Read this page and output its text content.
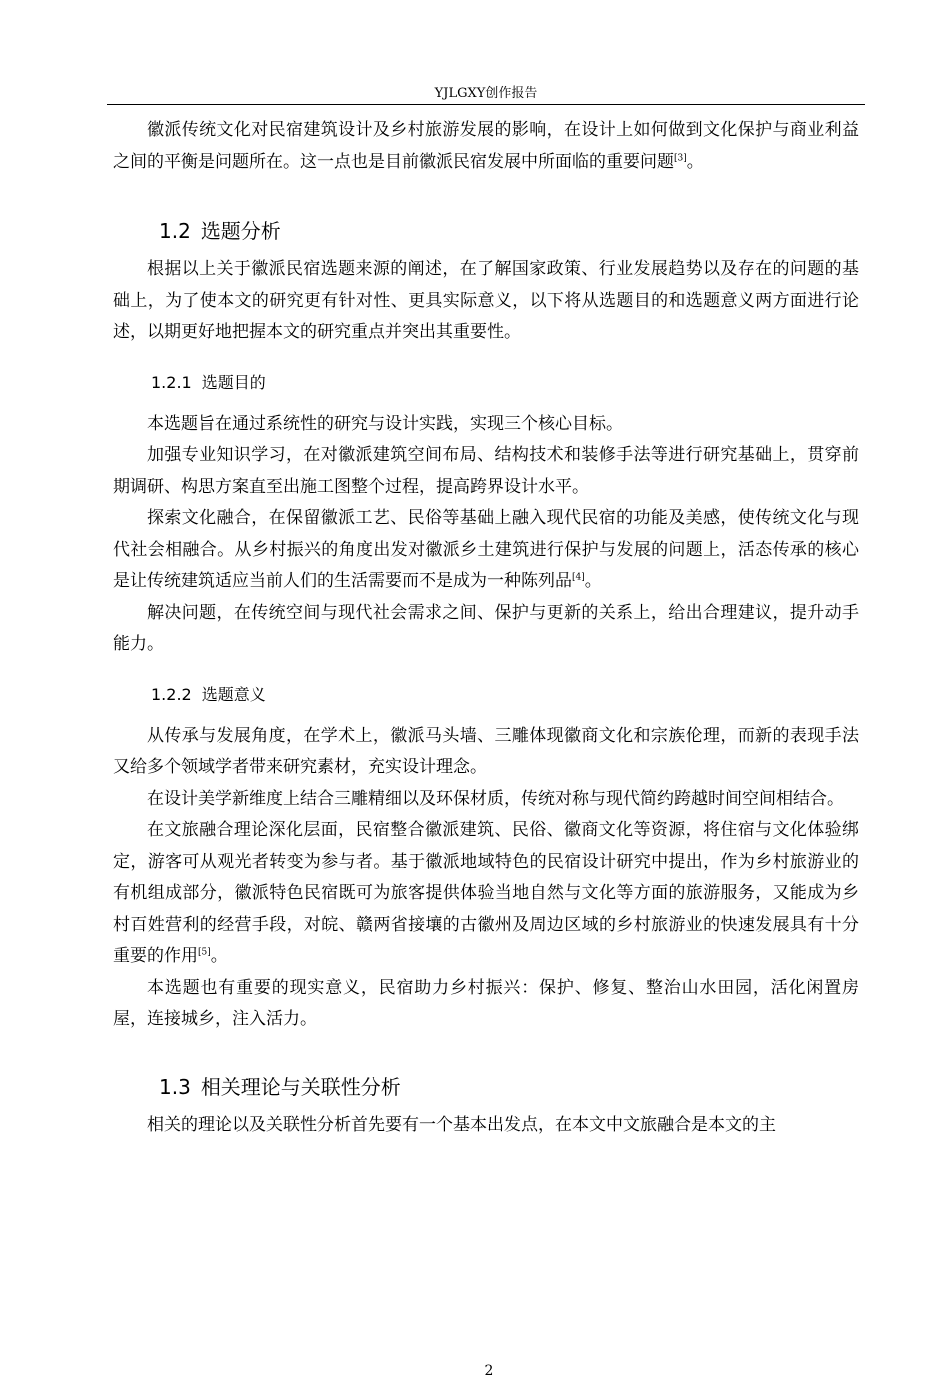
YJLGXY创作报告

徽派传统文化对民宿建筑设计及乡村旅游发展的影响，在设计上如何做到文化保护与商业利益之间的平衡是问题所在。这一点也是目前徽派民宿发展中所面临的重要问题[3]。

1.2 选题分析

根据以上关于徽派民宿选题来源的阐述，在了解国家政策、行业发展趋势以及存在的问题的基础上，为了使本文的研究更有针对性、更具实际意义，以下将从选题目的和选题意义两方面进行论述，以期更好地把握本文的研究重点并突出其重要性。

1.2.1 选题目的

本选题旨在通过系统性的研究与设计实践，实现三个核心目标。

加强专业知识学习，在对徽派建筑空间布局、结构技术和装修手法等进行研究基础上，贯穿前期调研、构思方案直至出施工图整个过程，提高跨界设计水平。

探索文化融合，在保留徽派工艺、民俗等基础上融入现代民宿的功能及美感，使传统文化与现代社会相融合。从乡村振兴的角度出发对徽派乡土建筑进行保护与发展的问题上，活态传承的核心是让传统建筑适应当前人们的生活需要而不是成为一种陈列品[4]。

解决问题，在传统空间与现代社会需求之间、保护与更新的关系上，给出合理建议，提升动手能力。

1.2.2 选题意义

从传承与发展角度，在学术上，徽派马头墙、三雕体现徽商文化和宗族伦理，而新的表现手法又给多个领域学者带来研究素材，充实设计理念。

在设计美学新维度上结合三雕精细以及环保材质，传统对称与现代简约跨越时间空间相结合。

在文旅融合理论深化层面，民宿整合徽派建筑、民俗、徽商文化等资源，将住宿与文化体验绑定，游客可从观光者转变为参与者。基于徽派地域特色的民宿设计研究中提出，作为乡村旅游业的有机组成部分，徽派特色民宿既可为旅客提供体验当地自然与文化等方面的旅游服务，又能成为乡村百姓营利的经营手段，对皖、赣两省接壤的古徽州及周边区域的乡村旅游业的快速发展具有十分重要的作用[5]。

本选题也有重要的现实意义，民宿助力乡村振兴：保护、修复、整治山水田园，活化闲置房屋，连接城乡，注入活力。

1.3 相关理论与关联性分析

相关的理论以及关联性分析首先要有一个基本出发点，在本文中文旅融合是本文的主

2
